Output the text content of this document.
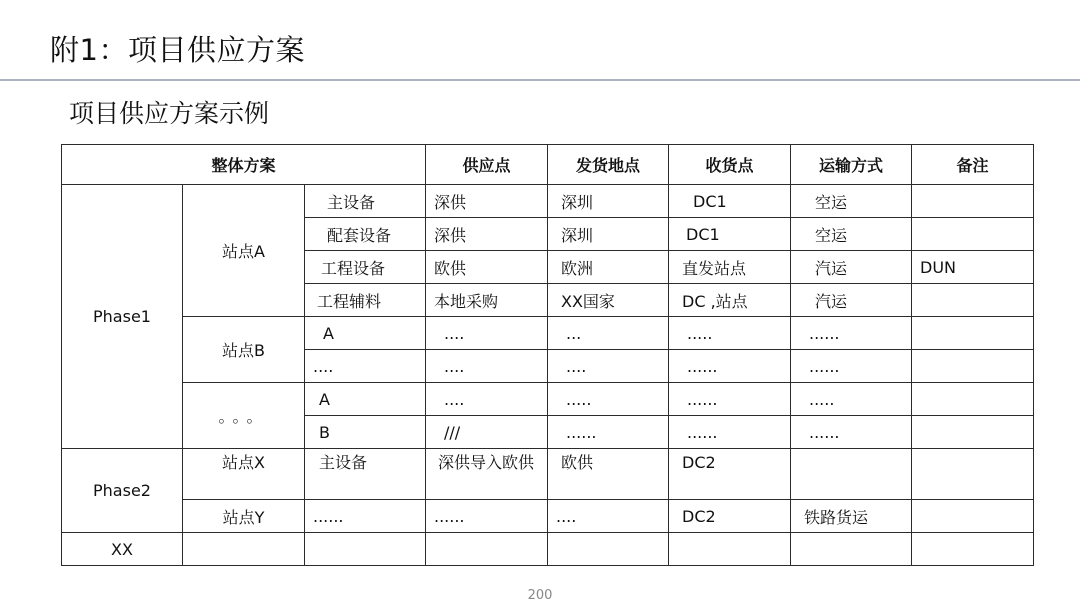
附1：项目供应方案
项目供应方案示例
整体方案			供应点	发货地点	收货点	运输方式	备注
Phase1	站点A	主设备	深供	深圳	DC1	空运	
		配套设备	深供	深圳	DC1	空运	
		工程设备	欧供	欧洲	直发站点	汽运	DUN
		工程辅料	本地采购	XX国家	DC ,站点	汽运	
	站点B	A	....	...	.....	......	
		....	....	....	......	......	
	。。。	A	....	.....	......	.....	
		B	///	......	......	......	
Phase2	站点X	主设备	深供导入欧供	欧供	DC2		
	站点Y	......	......	....	DC2	铁路货运	
XX							
200
